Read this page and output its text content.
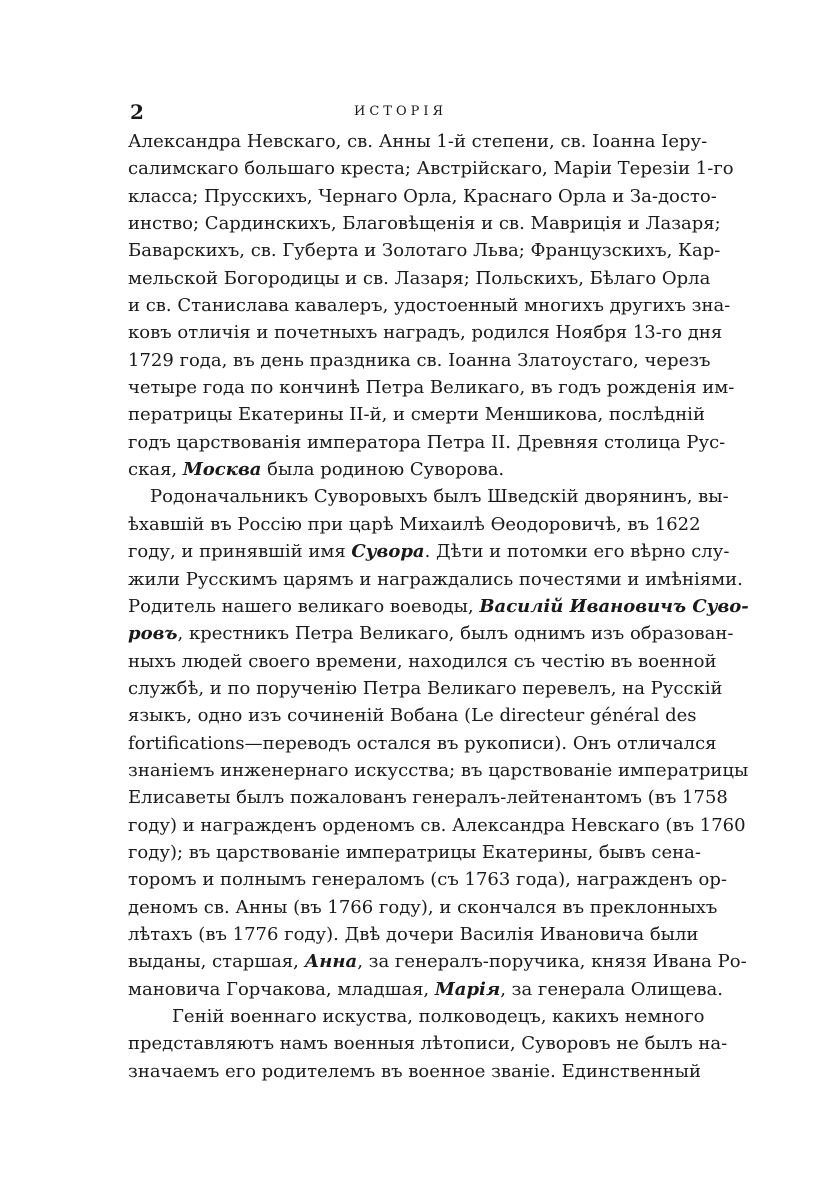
2	ИСТОРІЯ
Александра Невскаго, св. Анны 1-й степени, св. Іоанна Іеру-
салимскаго большаго креста; Австрійскаго, Маріи Терезіи 1-го
класса; Прусскихъ, Чернаго Орла, Краснаго Орла и За-досто-
инство; Сардинскихъ, Благовѣщенія и св. Маврицiя и Лазаря;
Баварскихъ, св. Губерта и Золотаго Льва; Французскихъ, Кар-
мельской Богородицы и св. Лазаря; Польскихъ, Бѣлаго Орла
и св. Станислава кавалеръ, удостоенный многихъ другихъ зна-
ковъ отличія и почетныхъ наградъ, родился Ноября 13-го дня
1729 года, въ день праздника св. Іоанна Златоустаго, черезъ
четыре года по кончинѣ Петра Великаго, въ годъ рожденія им-
ператрицы Екатерины II-й, и смерти Меншикова, послѣдній
годъ царствованія императора Петра II. Древняя столица Рус-
ская, Москва была родиною Суворова.
Родоначальникъ Суворовыхъ былъ Шведскій дворянинъ, вы-
ѣхавшій въ Россію при царѣ Михаилѣ Ѳеодоровичѣ, въ 1622
году, и принявшій имя Сувора. Дѣти и потомки его вѣрно слу-
жили Русскимъ царямъ и награждались почестями и имѣніями.
Родитель нашего великаго воеводы, Василій Ивановичъ Суво-
ровъ, крестникъ Петра Великаго, былъ однимъ изъ образован-
ныхъ людей своего времени, находился съ честію въ военной
службѣ, и по порученію Петра Великаго перевелъ, на Русскій
языкъ, одно изъ сочиненій Вобана (Le directeur général des
fortifications—переводъ остался въ рукописи). Онъ отличался
знаніемъ инженернаго искусства; въ царствованіе императрицы
Елисаветы былъ пожалованъ генералъ-лейтенантомъ (въ 1758
году) и награжденъ орденомъ св. Александра Невскаго (въ 1760
году); въ царствованіе императрицы Екатерины, бывъ сена-
торомъ и полнымъ генераломъ (съ 1763 года), награжденъ ор-
деномъ св. Анны (въ 1766 году), и скончался въ преклонныхъ
лѣтахъ (въ 1776 году). Двѣ дочери Василія Ивановича были
выданы, старшая, Анна, за генералъ-поручика, князя Ивана Ро-
мановича Горчакова, младшая, Марія, за генерала Олищева.
Геній военнаго искуства, полководецъ, какихъ немного
представляютъ намъ военныя лѣтописи, Суворовъ не былъ на-
значаемъ его родителемъ въ военное званіе. Единственный
